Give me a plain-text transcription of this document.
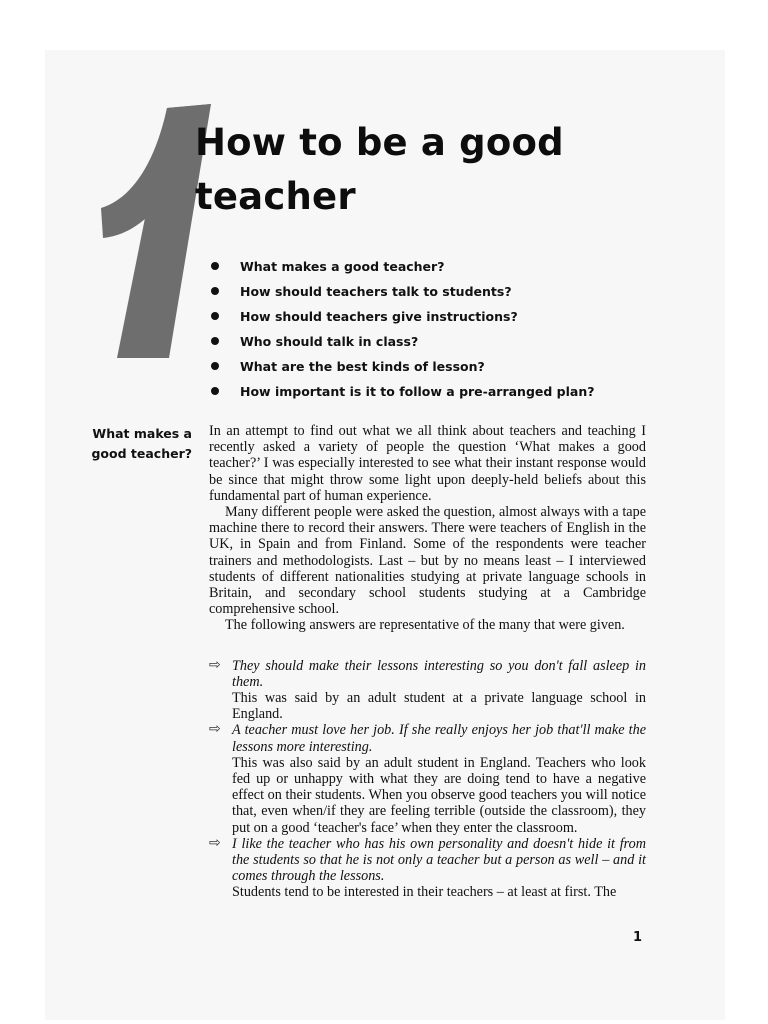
How to be a good
teacher
What makes a good teacher?
How should teachers talk to students?
How should teachers give instructions?
Who should talk in class?
What are the best kinds of lesson?
How important is it to follow a pre-arranged plan?
What makes a
good teacher?

In an attempt to find out what we all think about teachers and teaching I recently asked a variety of people the question ‘What makes a good teacher?’ I was especially interested to see what their instant response would be since that might throw some light upon deeply-held beliefs about this fundamental part of human experience.

Many different people were asked the question, almost always with a tape machine there to record their answers. There were teachers of English in the UK, in Spain and from Finland. Some of the respondents were teacher trainers and methodologists. Last – but by no means least – I interviewed students of different nationalities studying at private language schools in Britain, and secondary school students studying at a Cambridge comprehensive school.

The following answers are representative of the many that were given.

⇨ They should make their lessons interesting so you don't fall asleep in them.

This was said by an adult student at a private language school in England.

⇨ A teacher must love her job. If she really enjoys her job that'll make the lessons more interesting.

This was also said by an adult student in England. Teachers who look fed up or unhappy with what they are doing tend to have a negative effect on their students. When you observe good teachers you will notice that, even when/if they are feeling terrible (outside the classroom), they put on a good ‘teacher's face’ when they enter the classroom.

⇨ I like the teacher who has his own personality and doesn't hide it from the students so that he is not only a teacher but a person as well – and it comes through the lessons.

Students tend to be interested in their teachers – at least at first. The

1
